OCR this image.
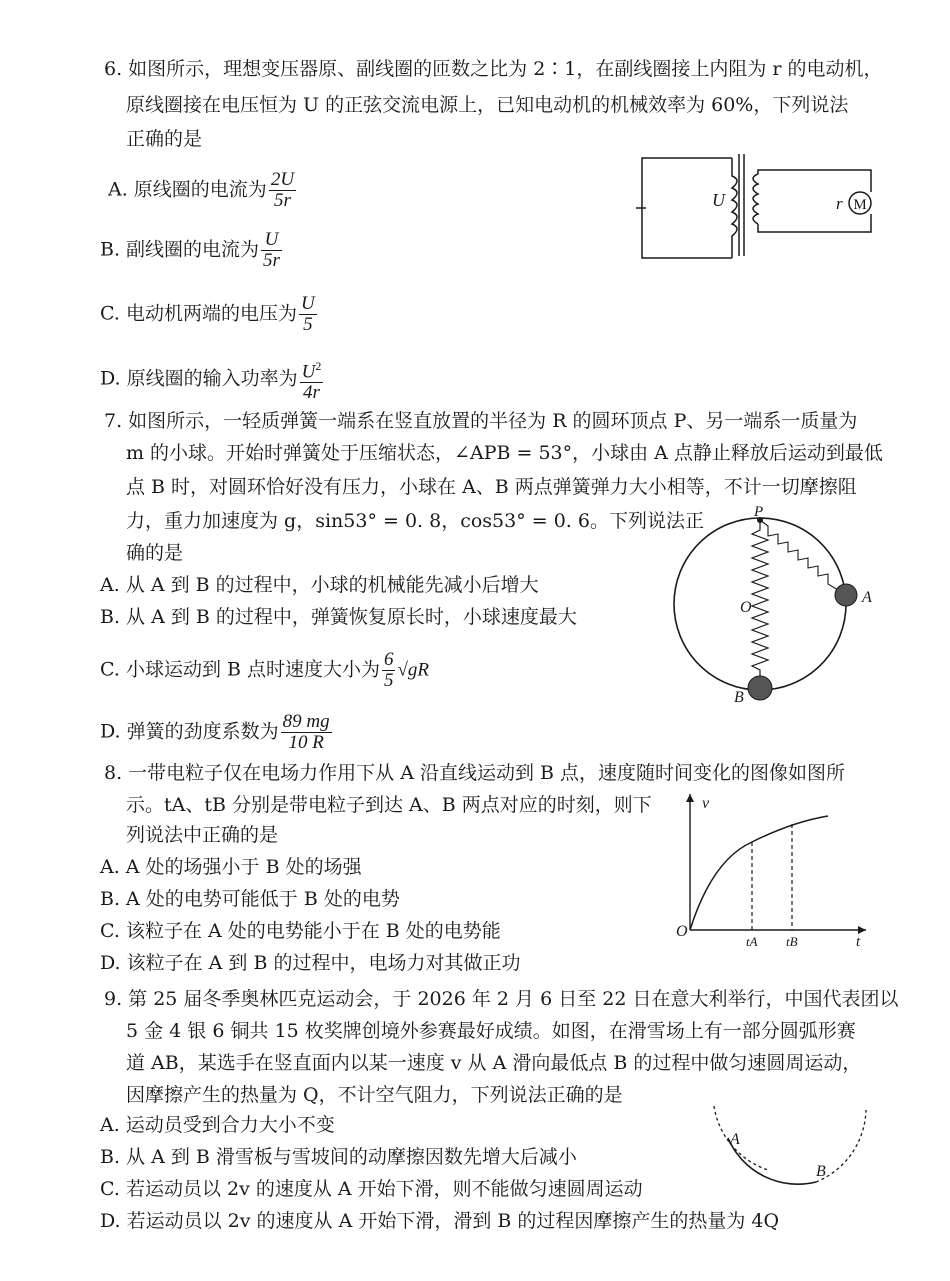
6. 如图所示，理想变压器原、副线圈的匝数之比为 2∶1，在副线圈接上内阻为 r 的电动机，
原线圈接在电压恒为 U 的正弦交流电源上，已知电动机的机械效率为 60%，下列说法
正确的是
A. 原线圈的电流为 $\frac{2U}{5r}$
B. 副线圈的电流为 $\frac{U}{5r}$
C. 电动机两端的电压为 $\frac{U}{5}$
D. 原线圈的输入功率为 $\frac{U^2}{4r}$
U	r M
7. 如图所示，一轻质弹簧一端系在竖直放置的半径为 R 的圆环顶点 P、另一端系一质量为
m 的小球。开始时弹簧处于压缩状态，∠APB = 53°，小球由 A 点静止释放后运动到最低
点 B 时，对圆环恰好没有压力，小球在 A、B 两点弹簧弹力大小相等，不计一切摩擦阻
力，重力加速度为 g，sin53° = 0. 8，cos53° = 0. 6。下列说法正
确的是
A. 从 A 到 B 的过程中，小球的机械能先减小后增大
B. 从 A 到 B 的过程中，弹簧恢复原长时，小球速度最大
C. 小球运动到 B 点时速度大小为 $\frac{6}{5} √gR$
D. 弹簧的劲度系数为 $\frac{89 mg}{10 R}$
P
O
A
B
8. 一带电粒子仅在电场力作用下从 A 沿直线运动到 B 点，速度随时间变化的图像如图所
示。tA、tB 分别是带电粒子到达 A、B 两点对应的时刻，则下
列说法中正确的是
A. A 处的场强小于 B 处的场强
B. A 处的电势可能低于 B 处的电势
C. 该粒子在 A 处的电势能小于在 B 处的电势能
D. 该粒子在 A 到 B 的过程中，电场力对其做正功
v
O
t
tA tB
9. 第 25 届冬季奥林匹克运动会，于 2026 年 2 月 6 日至 22 日在意大利举行，中国代表团以
5 金 4 银 6 铜共 15 枚奖牌创境外参赛最好成绩。如图，在滑雪场上有一部分圆弧形赛
道 AB，某选手在竖直面内以某一速度 v 从 A 滑向最低点 B 的过程中做匀速圆周运动，
因摩擦产生的热量为 Q，不计空气阻力，下列说法正确的是
A. 运动员受到合力大小不变
B. 从 A 到 B 滑雪板与雪坡间的动摩擦因数先增大后减小
C. 若运动员以 2v 的速度从 A 开始下滑，则不能做匀速圆周运动
D. 若运动员以 2v 的速度从 A 开始下滑，滑到 B 的过程因摩擦产生的热量为 4Q
A
B
